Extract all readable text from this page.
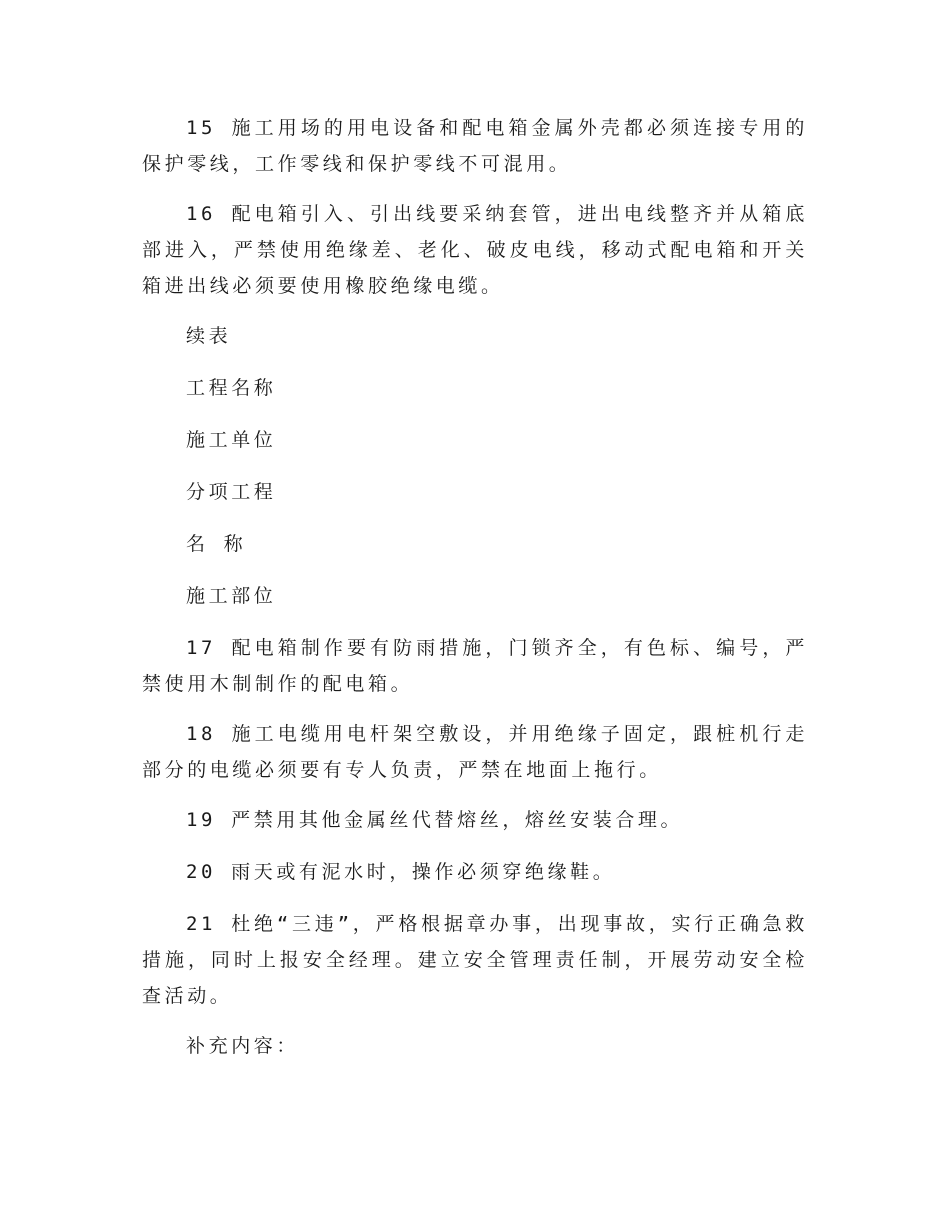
15 施工用场的用电设备和配电箱金属外壳都必须连接专用的保护零线，工作零线和保护零线不可混用。

16 配电箱引入、引出线要采纳套管，进出电线整齐并从箱底部进入，严禁使用绝缘差、老化、破皮电线，移动式配电箱和开关箱进出线必须要使用橡胶绝缘电缆。

续表

工程名称

施工单位

分项工程

名 称

施工部位

17 配电箱制作要有防雨措施，门锁齐全，有色标、编号，严禁使用木制制作的配电箱。

18 施工电缆用电杆架空敷设，并用绝缘子固定，跟桩机行走部分的电缆必须要有专人负责，严禁在地面上拖行。

19 严禁用其他金属丝代替熔丝，熔丝安装合理。

20 雨天或有泥水时，操作必须穿绝缘鞋。

21 杜绝“三违”，严格根据章办事，出现事故，实行正确急救措施，同时上报安全经理。建立安全管理责任制，开展劳动安全检查活动。

补充内容：
